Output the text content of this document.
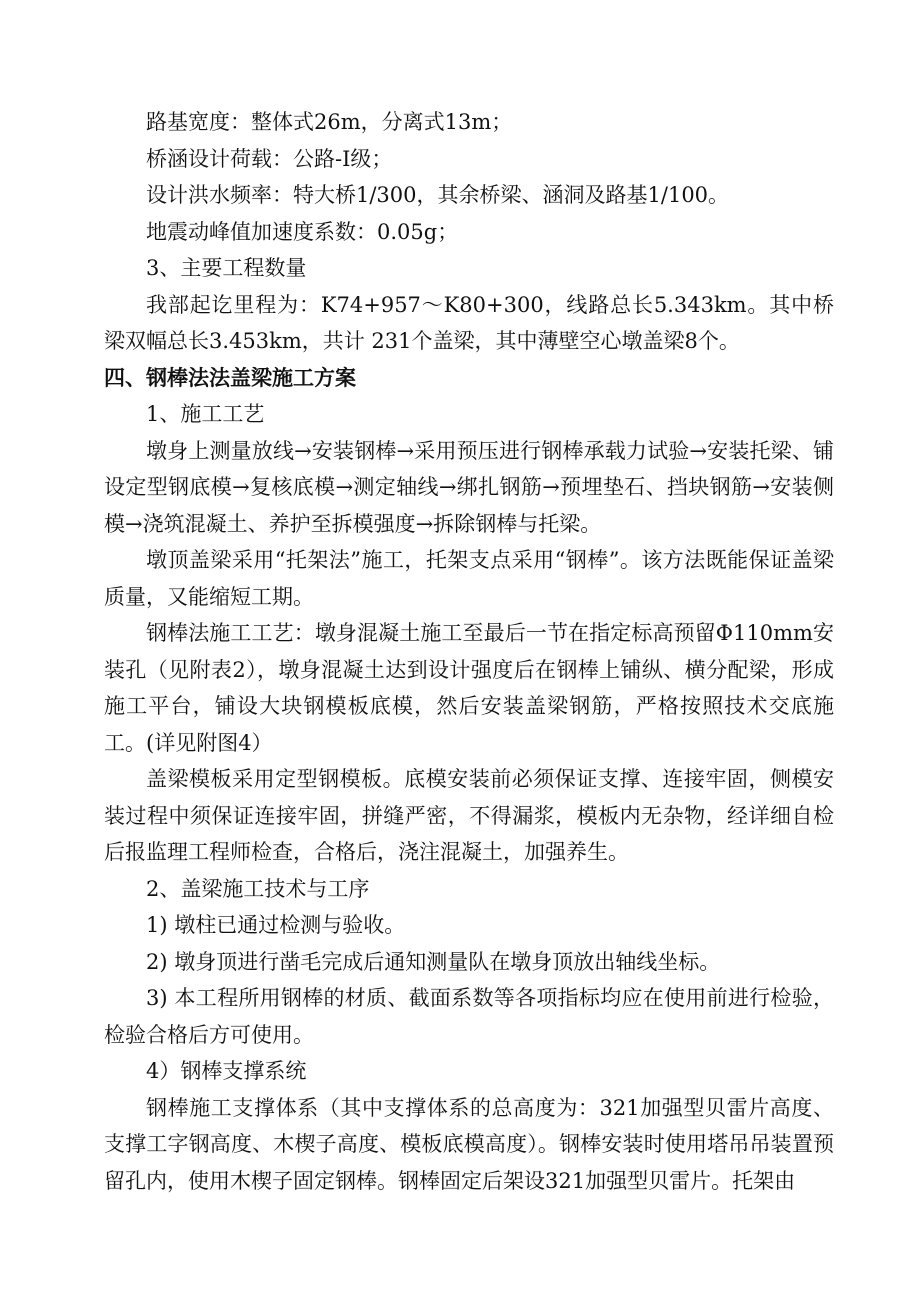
路基宽度：整体式26m，分离式13m；

桥涵设计荷载：公路-Ⅰ级；

设计洪水频率：特大桥1/300，其余桥梁、涵洞及路基1/100。

地震动峰值加速度系数：0.05g；

3、主要工程数量

我部起讫里程为：K74+957～K80+300，线路总长5.343km。其中桥梁双幅总长3.453km，共计 231个盖梁，其中薄壁空心墩盖梁8个。

四、钢棒法法盖梁施工方案

1、施工工艺

墩身上测量放线→安装钢棒→采用预压进行钢棒承载力试验→安装托梁、铺设定型钢底模→复核底模→测定轴线→绑扎钢筋→预埋垫石、挡块钢筋→安装侧模→浇筑混凝土、养护至拆模强度→拆除钢棒与托梁。

墩顶盖梁采用“托架法”施工，托架支点采用“钢棒”。该方法既能保证盖梁质量，又能缩短工期。

钢棒法施工工艺：墩身混凝土施工至最后一节在指定标高预留Φ110mm安装孔（见附表2），墩身混凝土达到设计强度后在钢棒上铺纵、横分配梁，形成施工平台，铺设大块钢模板底模，然后安装盖梁钢筋，严格按照技术交底施工。(详见附图4）

盖梁模板采用定型钢模板。底模安装前必须保证支撑、连接牢固，侧模安装过程中须保证连接牢固，拼缝严密，不得漏浆，模板内无杂物，经详细自检后报监理工程师检查，合格后，浇注混凝土，加强养生。

2、盖梁施工技术与工序

1) 墩柱已通过检测与验收。

2) 墩身顶进行凿毛完成后通知测量队在墩身顶放出轴线坐标。

3) 本工程所用钢棒的材质、截面系数等各项指标均应在使用前进行检验，检验合格后方可使用。

4）钢棒支撑系统

钢棒施工支撑体系（其中支撑体系的总高度为：321加强型贝雷片高度、支撑工字钢高度、木楔子高度、模板底模高度）。钢棒安装时使用塔吊吊装置预留孔内，使用木楔子固定钢棒。钢棒固定后架设321加强型贝雷片。托架由
